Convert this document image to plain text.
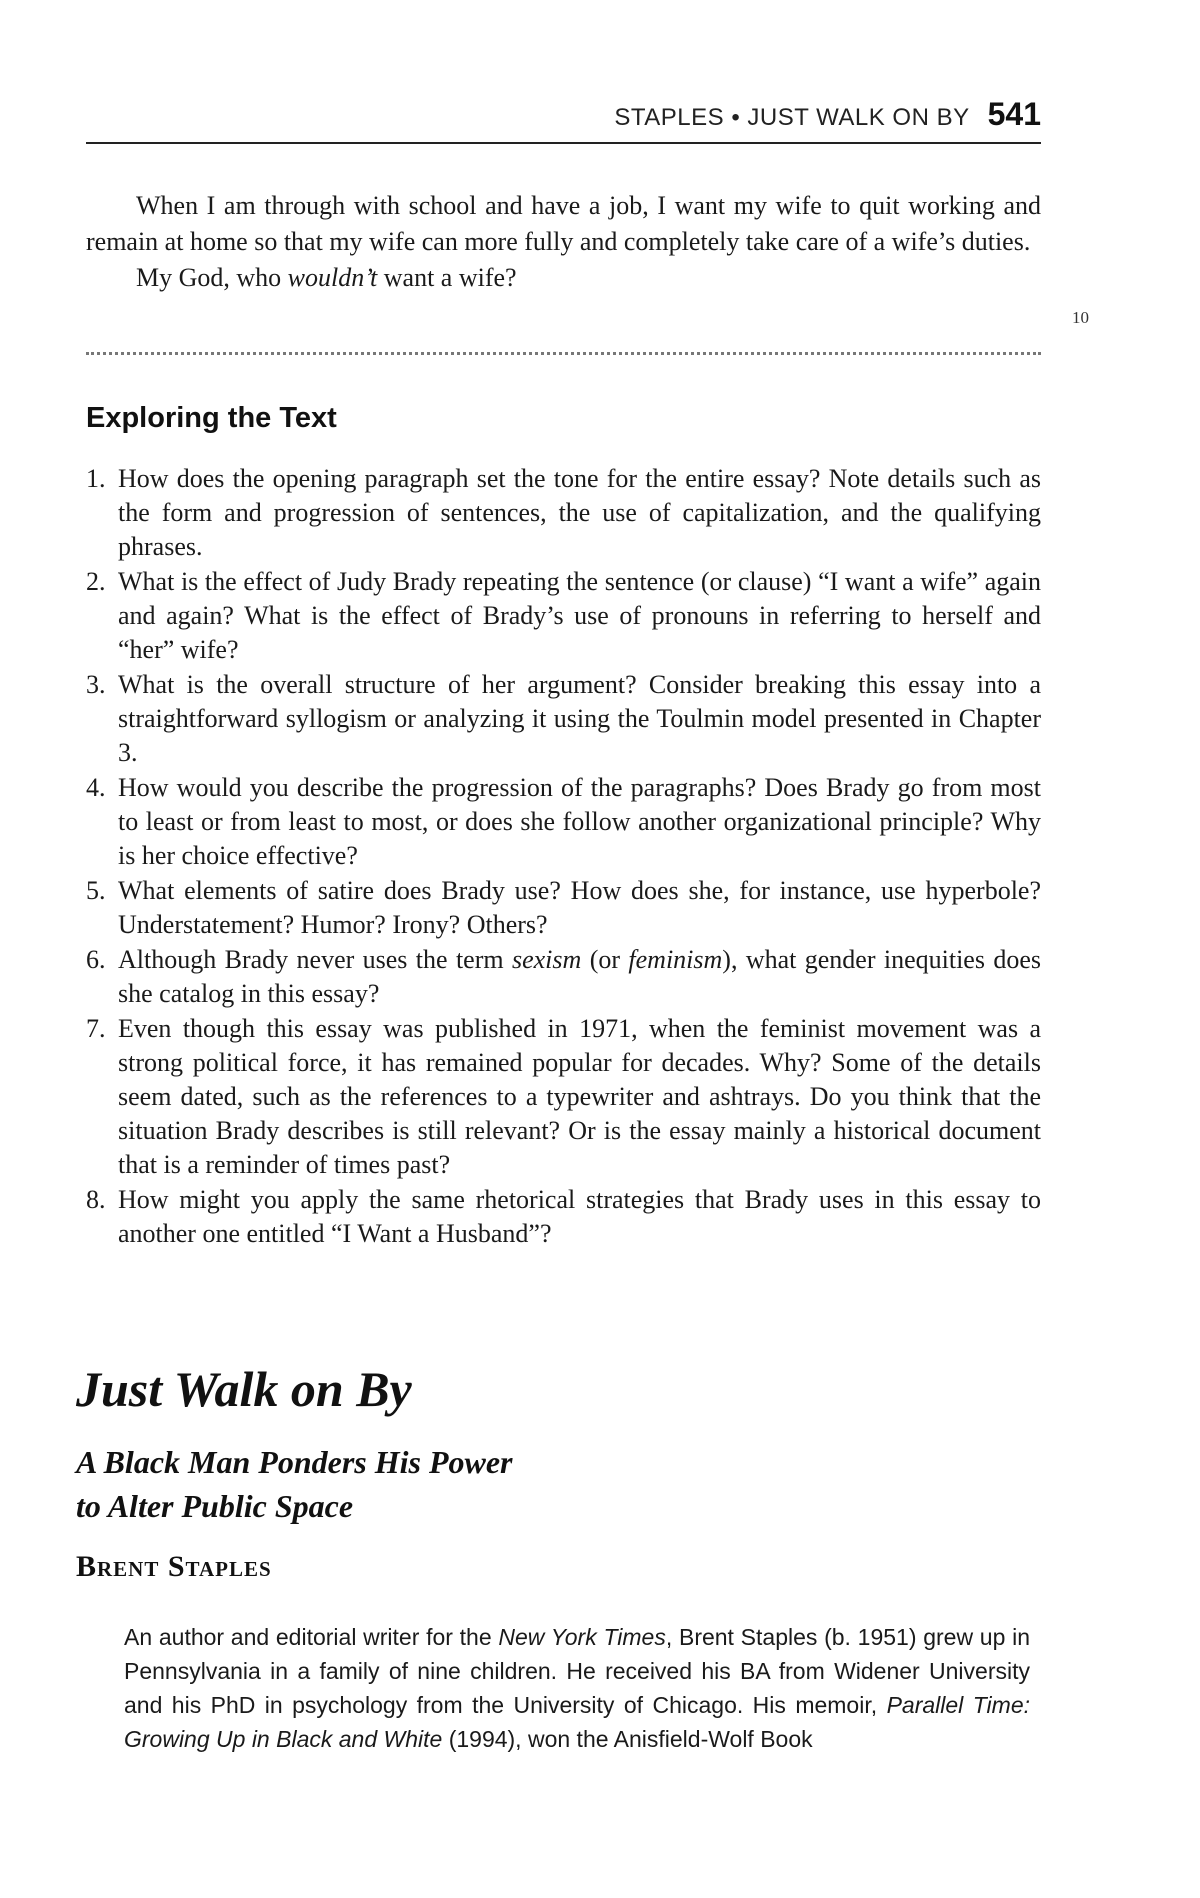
STAPLES • JUST WALK ON BY 541

When I am through with school and have a job, I want my wife to quit working and remain at home so that my wife can more fully and completely take care of a wife’s duties.

My God, who wouldn’t want a wife?

10
Exploring the Text
1. How does the opening paragraph set the tone for the entire essay? Note details such as the form and progression of sentences, the use of capitalization, and the qualifying phrases.
2. What is the effect of Judy Brady repeating the sentence (or clause) “I want a wife” again and again? What is the effect of Brady’s use of pronouns in referring to herself and “her” wife?
3. What is the overall structure of her argument? Consider breaking this essay into a straightforward syllogism or analyzing it using the Toulmin model presented in Chapter 3.
4. How would you describe the progression of the paragraphs? Does Brady go from most to least or from least to most, or does she follow another organizational principle? Why is her choice effective?
5. What elements of satire does Brady use? How does she, for instance, use hyperbole? Understatement? Humor? Irony? Others?
6. Although Brady never uses the term sexism (or feminism), what gender inequities does she catalog in this essay?
7. Even though this essay was published in 1971, when the feminist movement was a strong political force, it has remained popular for decades. Why? Some of the details seem dated, such as the references to a typewriter and ashtrays. Do you think that the situation Brady describes is still relevant? Or is the essay mainly a historical document that is a reminder of times past?
8. How might you apply the same rhetorical strategies that Brady uses in this essay to another one entitled “I Want a Husband”?
Just Walk on By
A Black Man Ponders His Power
to Alter Public Space
Brent Staples

An author and editorial writer for the New York Times, Brent Staples (b. 1951) grew up in Pennsylvania in a family of nine children. He received his BA from Widener University and his PhD in psychology from the University of Chicago. His memoir, Parallel Time: Growing Up in Black and White (1994), won the Anisfield-Wolf Book
